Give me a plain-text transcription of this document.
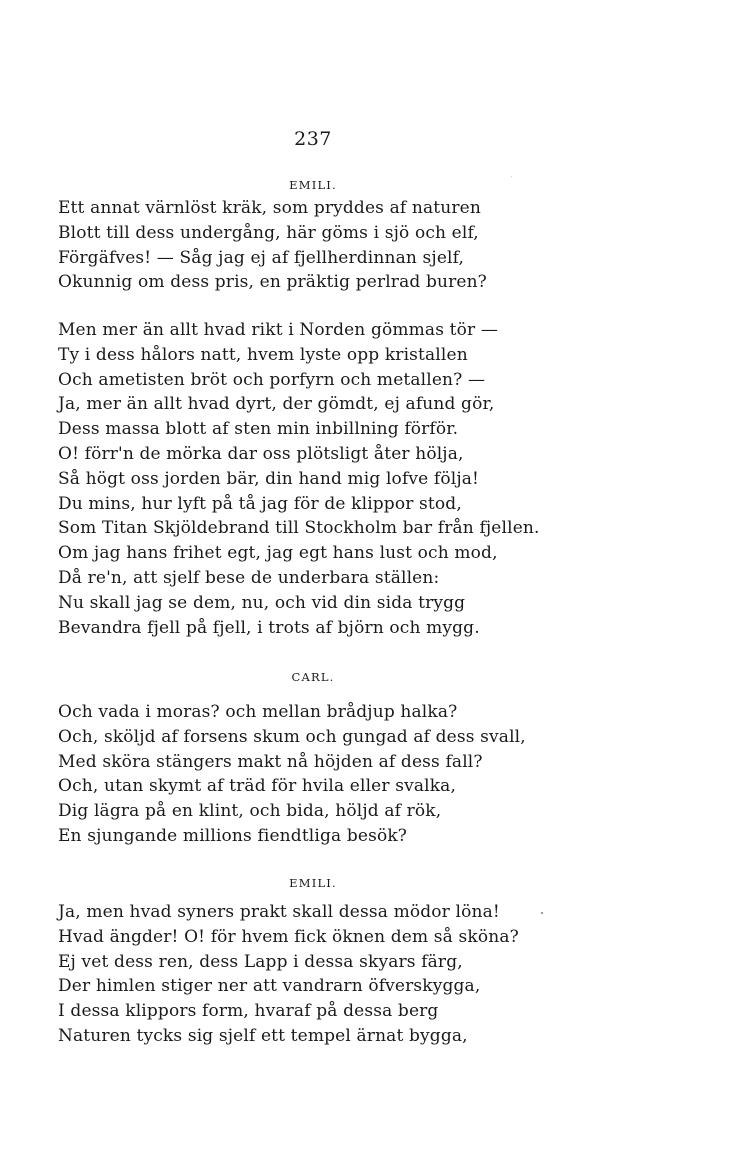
237
EMILI.
Ett annat värnlöst kräk, som pryddes af naturen
Blott till dess undergång, här göms i sjö och elf,
Förgäfves! — Såg jag ej af fjellherdinnan sjelf,
Okunnig om dess pris, en präktig perlrad buren?
Men mer än allt hvad rikt i Norden gömmas tör —
Ty i dess hålors natt, hvem lyste opp kristallen
Och ametisten bröt och porfyrn och metallen? —
Ja, mer än allt hvad dyrt, der gömdt, ej afund gör,
Dess massa blott af sten min inbillning förför.
O! förr'n de mörka dar oss plötsligt åter hölja,
Så högt oss jorden bär, din hand mig lofve följa!
Du mins, hur lyft på tå jag för de klippor stod,
Som Titan Skjöldebrand till Stockholm bar från fjellen.
Om jag hans frihet egt, jag egt hans lust och mod,
Då re'n, att sjelf bese de underbara ställen:
Nu skall jag se dem, nu, och vid din sida trygg
Bevandra fjell på fjell, i trots af björn och mygg.
CARL.
Och vada i moras? och mellan brådjup halka?
Och, sköljd af forsens skum och gungad af dess svall,
Med sköra stängers makt nå höjden af dess fall?
Och, utan skymt af träd för hvila eller svalka,
Dig lägra på en klint, och bida, höljd af rök,
En sjungande millions fiendtliga besök?
EMILI.
Ja, men hvad syners prakt skall dessa mödor löna!
Hvad ängder! O! för hvem fick öknen dem så sköna?
Ej vet dess ren, dess Lapp i dessa skyars färg,
Der himlen stiger ner att vandrarn öfverskygga,
I dessa klippors form, hvaraf på dessa berg
Naturen tycks sig sjelf ett tempel ärnat bygga,
